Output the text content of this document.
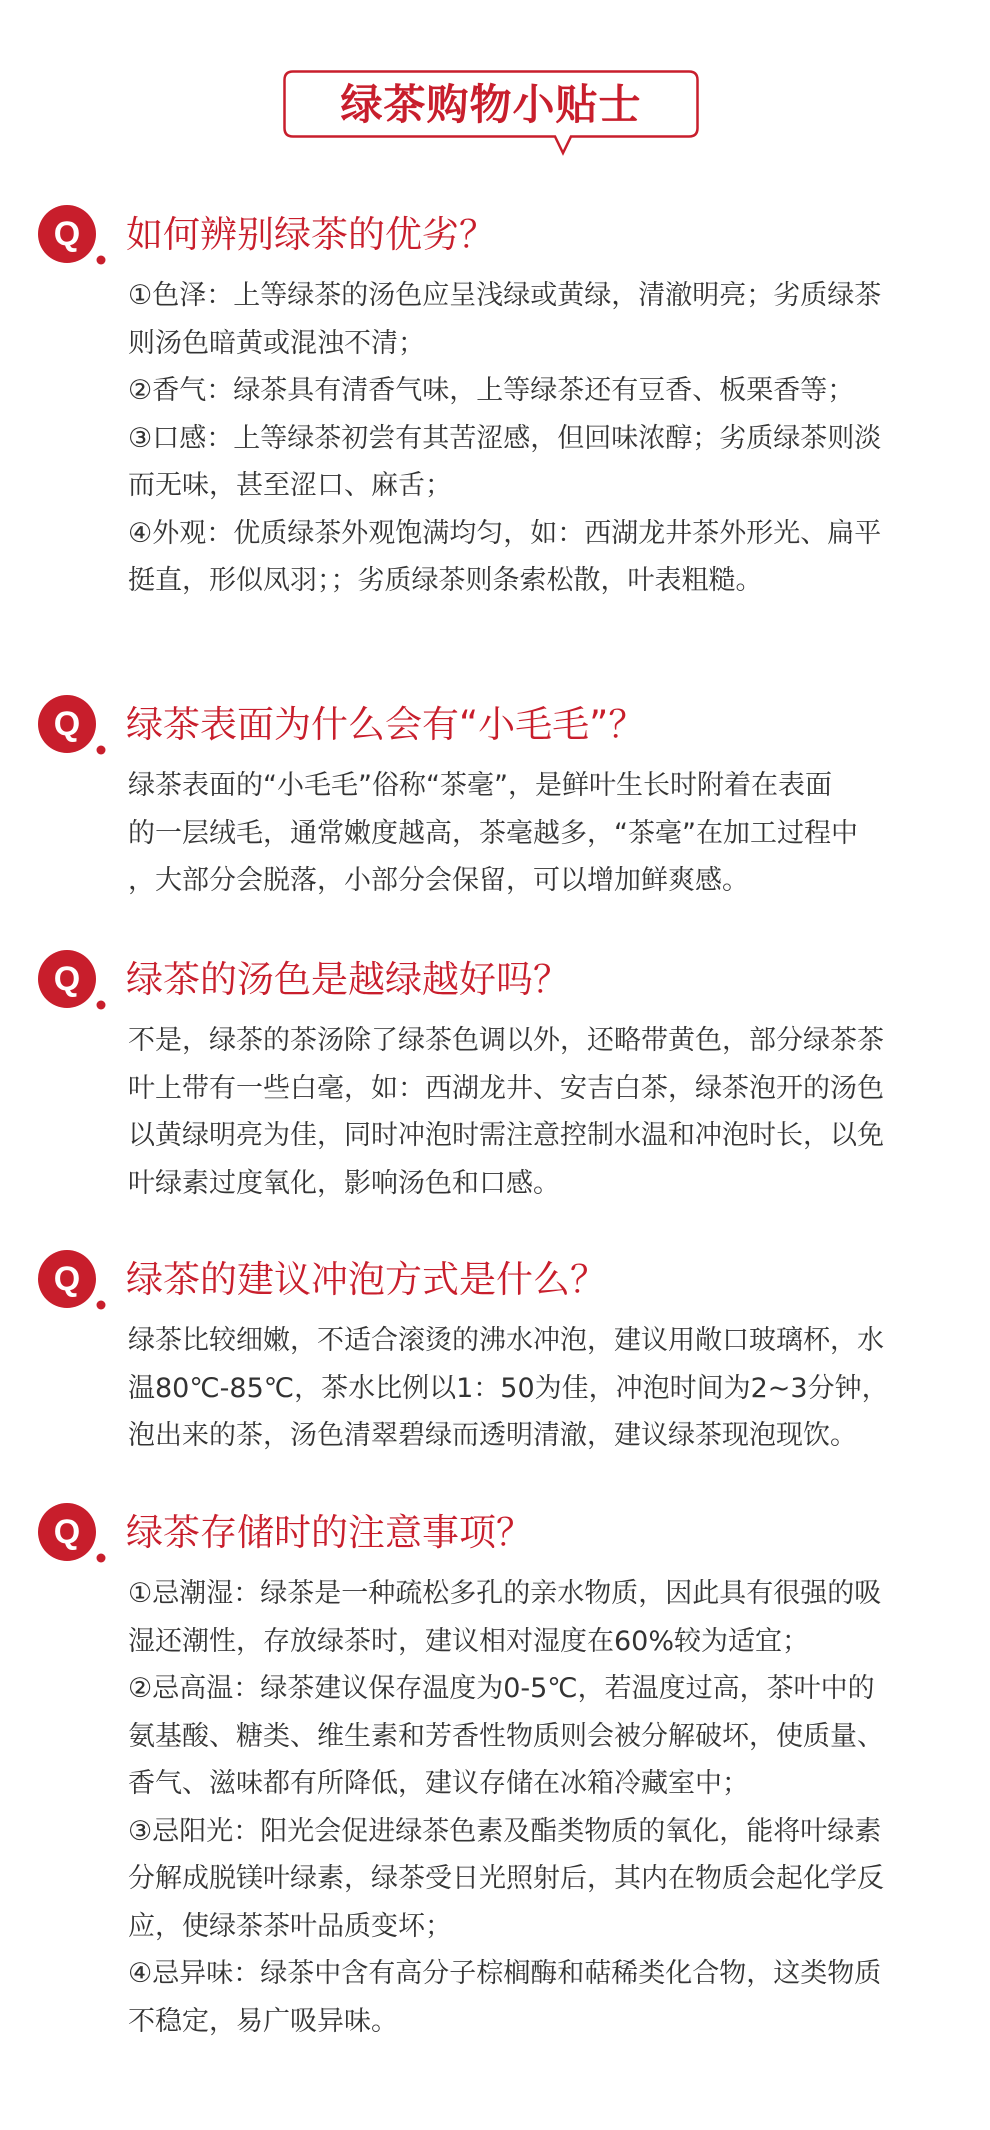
绿茶购物小贴士
Q 如何辨别绿茶的优劣？
①色泽：上等绿茶的汤色应呈浅绿或黄绿，清澈明亮；劣质绿茶
则汤色暗黄或混浊不清；
②香气：绿茶具有清香气味，上等绿茶还有豆香、板栗香等；
③口感：上等绿茶初尝有其苦涩感，但回味浓醇；劣质绿茶则淡
而无味，甚至涩口、麻舌；
④外观：优质绿茶外观饱满均匀，如：西湖龙井茶外形光、扁平
挺直，形似凤羽；；劣质绿茶则条索松散，叶表粗糙。
Q 绿茶表面为什么会有“小毛毛”？
绿茶表面的“小毛毛”俗称“茶毫”，是鲜叶生长时附着在表面
的一层绒毛，通常嫩度越高，茶毫越多，“茶毫”在加工过程中
，大部分会脱落，小部分会保留，可以增加鲜爽感。
Q 绿茶的汤色是越绿越好吗？
不是，绿茶的茶汤除了绿茶色调以外，还略带黄色，部分绿茶茶
叶上带有一些白毫，如：西湖龙井、安吉白茶，绿茶泡开的汤色
以黄绿明亮为佳，同时冲泡时需注意控制水温和冲泡时长，以免
叶绿素过度氧化，影响汤色和口感。
Q 绿茶的建议冲泡方式是什么？
绿茶比较细嫩，不适合滚烫的沸水冲泡，建议用敞口玻璃杯，水
温80℃-85℃，茶水比例以1：50为佳，冲泡时间为2~3分钟，
泡出来的茶，汤色清翠碧绿而透明清澈，建议绿茶现泡现饮。
Q 绿茶存储时的注意事项？
①忌潮湿：绿茶是一种疏松多孔的亲水物质，因此具有很强的吸
湿还潮性，存放绿茶时，建议相对湿度在60%较为适宜；
②忌高温：绿茶建议保存温度为0-5℃，若温度过高，茶叶中的
氨基酸、糖类、维生素和芳香性物质则会被分解破坏，使质量、
香气、滋味都有所降低，建议存储在冰箱冷藏室中；
③忌阳光：阳光会促进绿茶色素及酯类物质的氧化，能将叶绿素
分解成脱镁叶绿素，绿茶受日光照射后，其内在物质会起化学反
应，使绿茶茶叶品质变坏；
④忌异味：绿茶中含有高分子棕榈酶和萜稀类化合物，这类物质
不稳定，易广吸异味。
